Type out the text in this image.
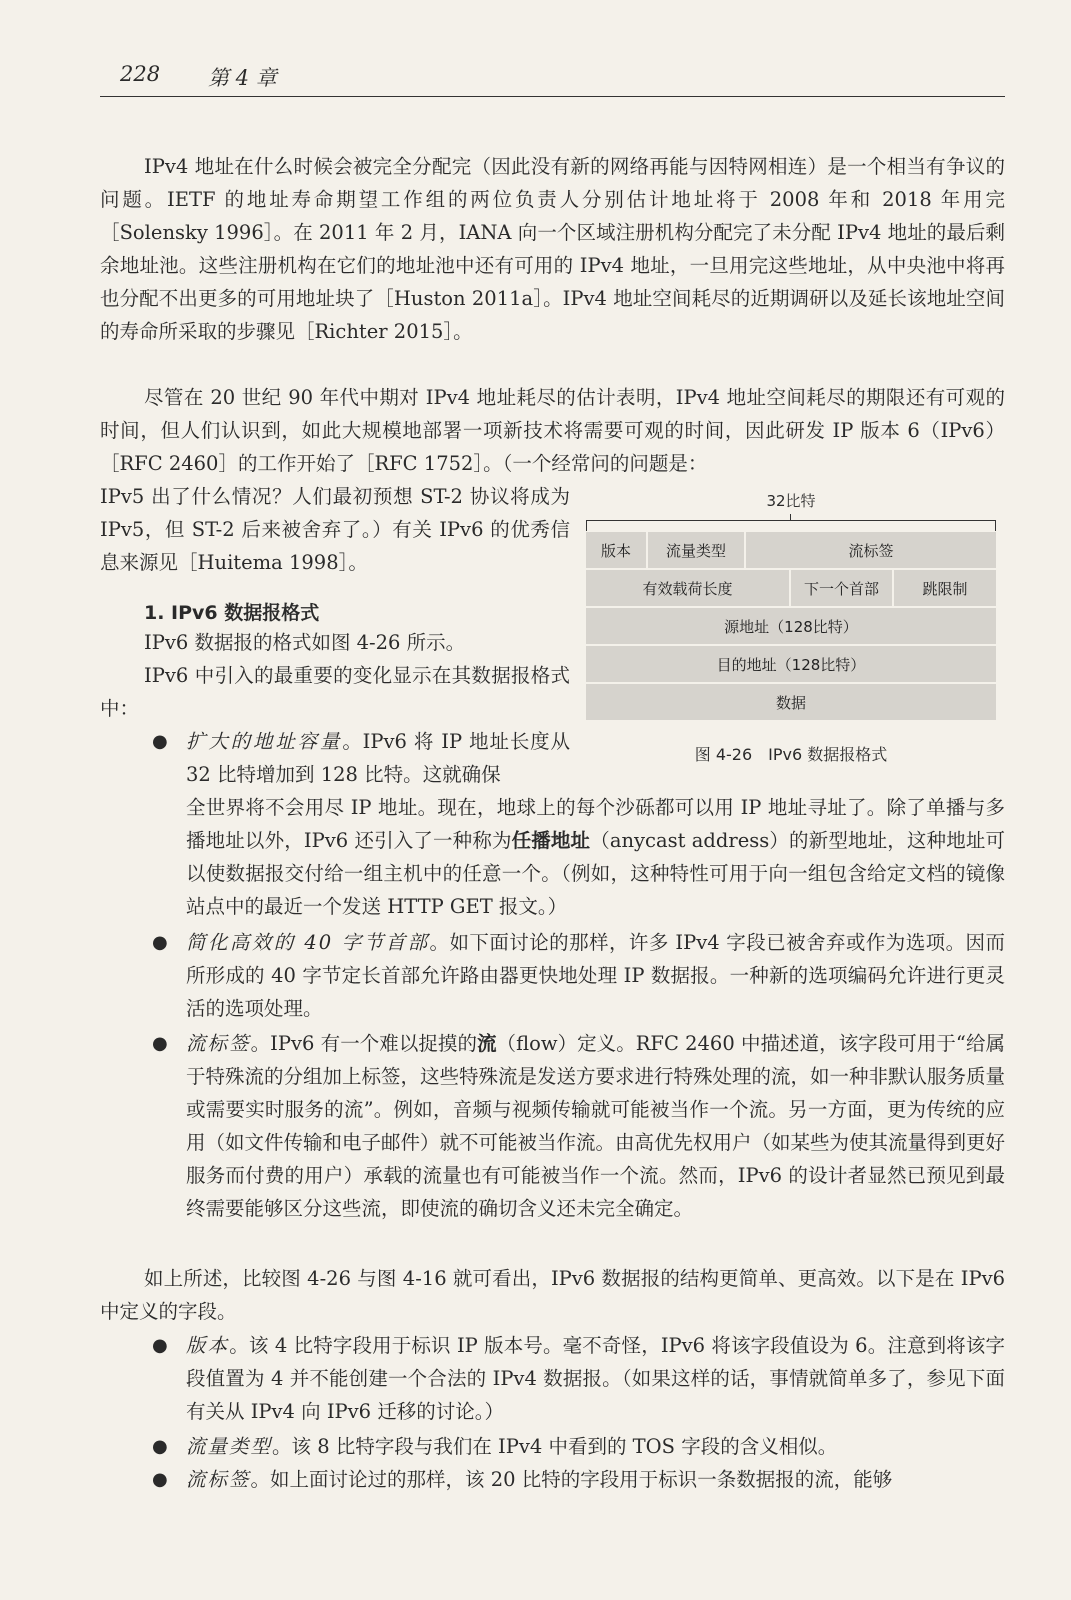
228 第 4 章

IPv4 地址在什么时候会被完全分配完（因此没有新的网络再能与因特网相连）是一个相当有争议的问题。IETF 的地址寿命期望工作组的两位负责人分别估计地址将于 2008 年和 2018 年用完［Solensky 1996］。在 2011 年 2 月，IANA 向一个区域注册机构分配完了未分配 IPv4 地址的最后剩余地址池。这些注册机构在它们的地址池中还有可用的 IPv4 地址，一旦用完这些地址，从中央池中将再也分配不出更多的可用地址块了［Huston 2011a］。IPv4 地址空间耗尽的近期调研以及延长该地址空间的寿命所采取的步骤见［Richter 2015］。

尽管在 20 世纪 90 年代中期对 IPv4 地址耗尽的估计表明，IPv4 地址空间耗尽的期限还有可观的时间，但人们认识到，如此大规模地部署一项新技术将需要可观的时间，因此研发 IP 版本 6（IPv6）［RFC 2460］的工作开始了［RFC 1752］。（一个经常问的问题是：

IPv5 出了什么情况？人们最初预想 ST-2 协议将成为 IPv5，但 ST-2 后来被舍弃了。）有关 IPv6 的优秀信息来源见［Huitema 1998］。

1. IPv6 数据报格式

IPv6 数据报的格式如图 4-26 所示。

IPv6 中引入的最重要的变化显示在其数据报格式中：

● 扩大的地址容量。IPv6 将 IP 地址长度从 32 比特增加到 128 比特。这就确保
全世界将不会用尽 IP 地址。现在，地球上的每个沙砾都可以用 IP 地址寻址了。除了单播与多播地址以外，IPv6 还引入了一种称为任播地址（anycast address）的新型地址，这种地址可以使数据报交付给一组主机中的任意一个。（例如，这种特性可用于向一组包含给定文档的镜像站点中的最近一个发送 HTTP GET 报文。）
● 简化高效的 40 字节首部。如下面讨论的那样，许多 IPv4 字段已被舍弃或作为选项。因而所形成的 40 字节定长首部允许路由器更快地处理 IP 数据报。一种新的选项编码允许进行更灵活的选项处理。
● 流标签。IPv6 有一个难以捉摸的流（flow）定义。RFC 2460 中描述道，该字段可用于“给属于特殊流的分组加上标签，这些特殊流是发送方要求进行特殊处理的流，如一种非默认服务质量或需要实时服务的流”。例如，音频与视频传输就可能被当作一个流。另一方面，更为传统的应用（如文件传输和电子邮件）就不可能被当作流。由高优先权用户（如某些为使其流量得到更好服务而付费的用户）承载的流量也有可能被当作一个流。然而，IPv6 的设计者显然已预见到最终需要能够区分这些流，即使流的确切含义还未完全确定。

如上所述，比较图 4-26 与图 4-16 就可看出，IPv6 数据报的结构更简单、更高效。以下是在 IPv6 中定义的字段。

● 版本。该 4 比特字段用于标识 IP 版本号。毫不奇怪，IPv6 将该字段值设为 6。注意到将该字段值置为 4 并不能创建一个合法的 IPv4 数据报。（如果这样的话，事情就简单多了，参见下面有关从 IPv4 向 IPv6 迁移的讨论。）
● 流量类型。该 8 比特字段与我们在 IPv4 中看到的 TOS 字段的含义相似。
● 流标签。如上面讨论过的那样，该 20 比特的字段用于标识一条数据报的流，能够
32比特
版本	流量类型	流标签
有效载荷长度	下一个首部	跳限制
源地址（128比特）
目的地址（128比特）
数据
图 4-26　IPv6 数据报格式
